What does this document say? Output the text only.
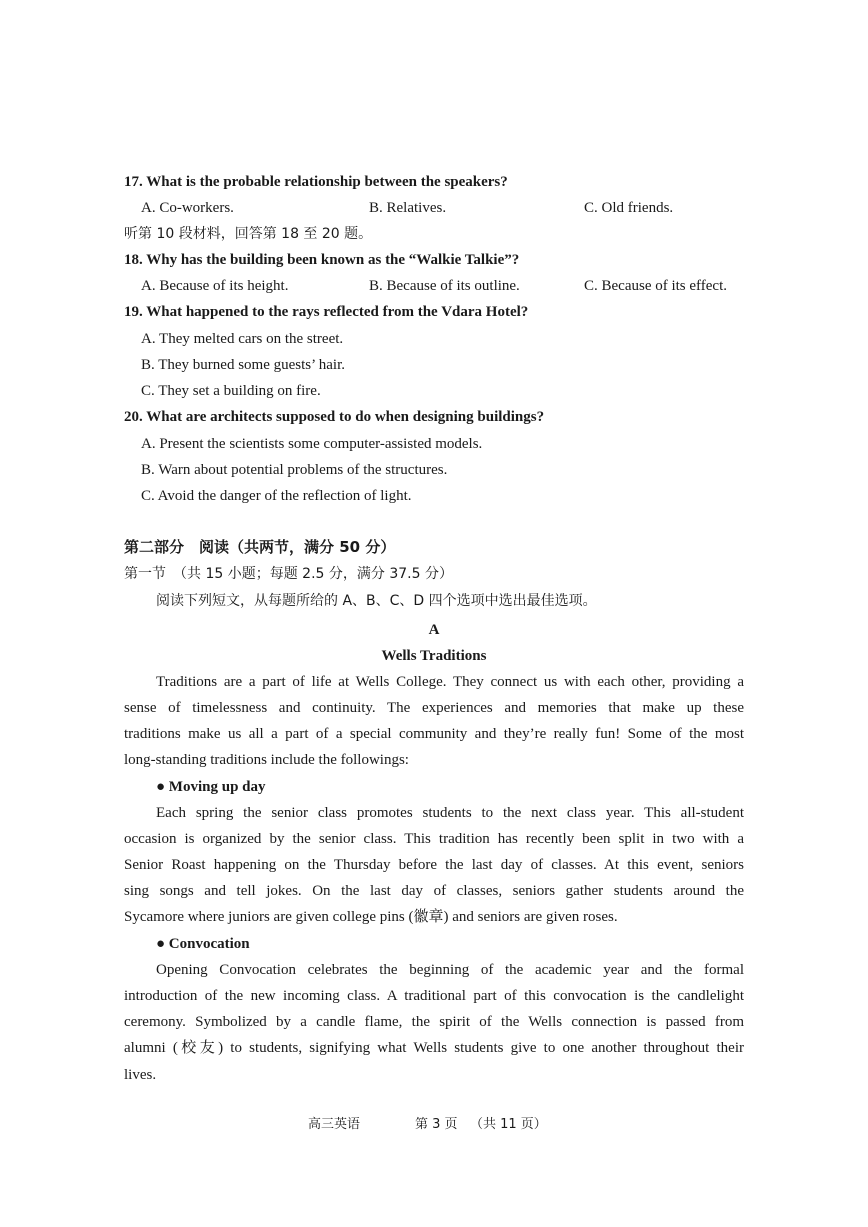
17. What is the probable relationship between the speakers?
A. Co-workers.	B. Relatives.	C. Old friends.
听第 10 段材料，回答第 18 至 20 题。
18. Why has the building been known as the “Walkie Talkie”?
A. Because of its height.	B. Because of its outline.	C. Because of its effect.
19. What happened to the rays reflected from the Vdara Hotel?
A. They melted cars on the street.
B. They burned some guests’ hair.
C. They set a building on fire.
20. What are architects supposed to do when designing buildings?
A. Present the scientists some computer-assisted models.
B. Warn about potential problems of the structures.
C. Avoid the danger of the reflection of light.
第二部分　阅读（共两节，满分 50 分）
第一节　（共 15 小题；每题 2.5 分，满分 37.5 分）
阅读下列短文，从每题所给的 A、B、C、D 四个选项中选出最佳选项。
A
Wells Traditions
Traditions are a part of life at Wells College. They connect us with each other, providing a
sense of timelessness and continuity. The experiences and memories that make up these
traditions make us all a part of a special community and they’re really fun! Some of the most
long-standing traditions include the followings:
● Moving up day
Each spring the senior class promotes students to the next class year. This all-student
occasion is organized by the senior class. This tradition has recently been split in two with a
Senior Roast happening on the Thursday before the last day of classes. At this event, seniors
sing songs and tell jokes. On the last day of classes, seniors gather students around the
Sycamore where juniors are given college pins (徽章) and seniors are given roses.
● Convocation
Opening Convocation celebrates the beginning of the academic year and the formal
introduction of the new incoming class. A traditional part of this convocation is the candlelight
ceremony. Symbolized by a candle flame, the spirit of the Wells connection is passed from
alumni (校友) to students, signifying what Wells students give to one another throughout their
lives.
高三英语	第 3 页 （共 11 页）
